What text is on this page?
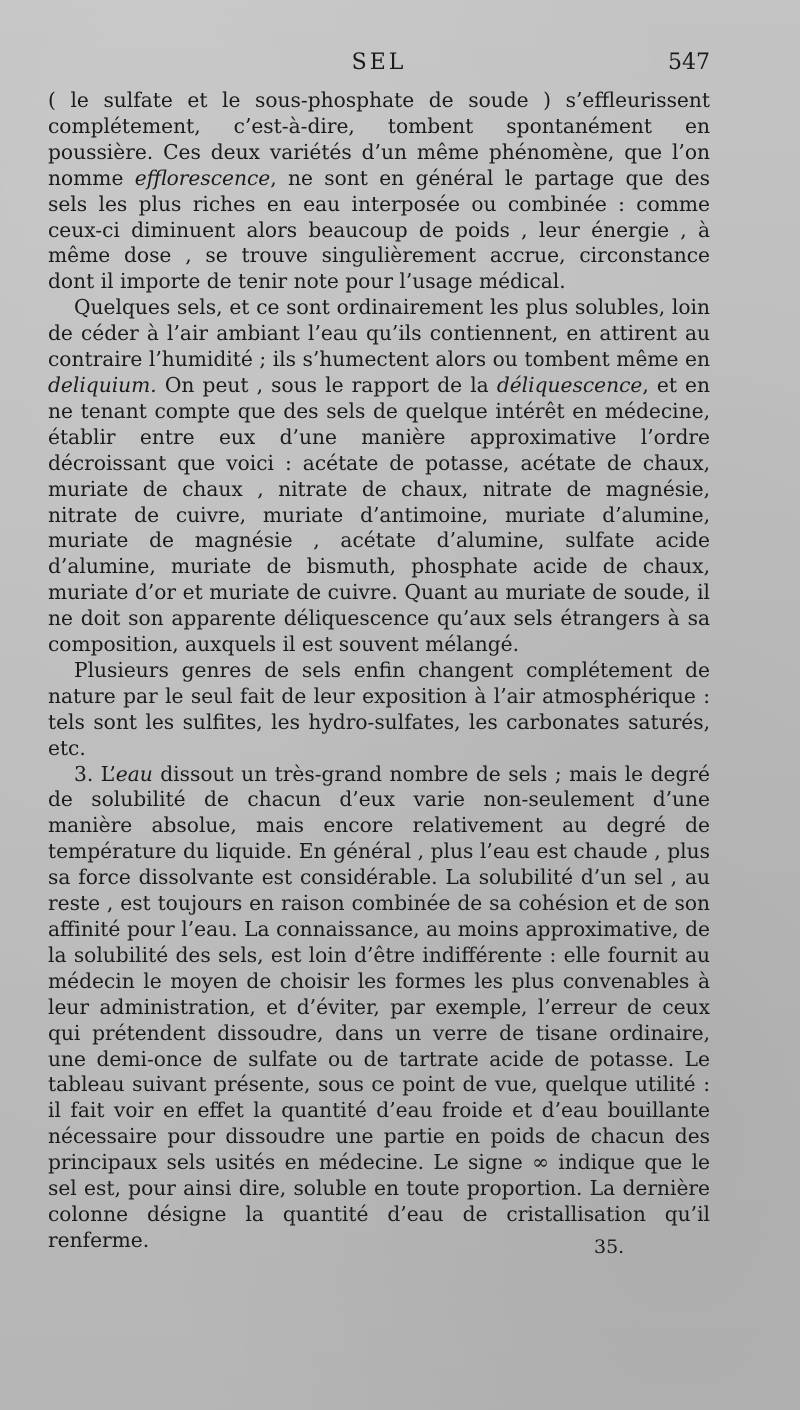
SEL	547

( le sulfate et le sous-phosphate de soude ) s’effleurissent complétement, c’est-à-dire, tombent spontanément en poussière. Ces deux variétés d’un même phénomène, que l’on nomme efflorescence, ne sont en général le partage que des sels les plus riches en eau interposée ou combinée : comme ceux-ci diminuent alors beaucoup de poids , leur énergie , à même dose , se trouve singulièrement accrue, circonstance dont il importe de tenir note pour l’usage médical.

Quelques sels, et ce sont ordinairement les plus solubles, loin de céder à l’air ambiant l’eau qu’ils contiennent, en attirent au contraire l’humidité ; ils s’humectent alors ou tombent même en deliquium. On peut , sous le rapport de la déliquescence, et en ne tenant compte que des sels de quelque intérêt en médecine, établir entre eux d’une manière approximative l’ordre décroissant que voici : acétate de potasse, acétate de chaux, muriate de chaux , nitrate de chaux, nitrate de magnésie, nitrate de cuivre, muriate d’antimoine, muriate d’alumine, muriate de magnésie , acétate d’alumine, sulfate acide d’alumine, muriate de bismuth, phosphate acide de chaux, muriate d’or et muriate de cuivre. Quant au muriate de soude, il ne doit son apparente déliquescence qu’aux sels étrangers à sa composition, auxquels il est souvent mélangé.

Plusieurs genres de sels enfin changent complétement de nature par le seul fait de leur exposition à l’air atmosphérique : tels sont les sulfites, les hydro-sulfates, les carbonates saturés, etc.

3. L’eau dissout un très-grand nombre de sels ; mais le degré de solubilité de chacun d’eux varie non-seulement d’une manière absolue, mais encore relativement au degré de température du liquide. En général , plus l’eau est chaude , plus sa force dissolvante est considérable. La solubilité d’un sel , au reste , est toujours en raison combinée de sa cohésion et de son affinité pour l’eau. La connaissance, au moins approximative, de la solubilité des sels, est loin d’être indifférente : elle fournit au médecin le moyen de choisir les formes les plus convenables à leur administration, et d’éviter, par exemple, l’erreur de ceux qui prétendent dissoudre, dans un verre de tisane ordinaire, une demi-once de sulfate ou de tartrate acide de potasse. Le tableau suivant présente, sous ce point de vue, quelque utilité : il fait voir en effet la quantité d’eau froide et d’eau bouillante nécessaire pour dissoudre une partie en poids de chacun des principaux sels usités en médecine. Le signe ∞ indique que le sel est, pour ainsi dire, soluble en toute proportion. La dernière colonne désigne la quantité d’eau de cristallisation qu’il renferme.	35.
